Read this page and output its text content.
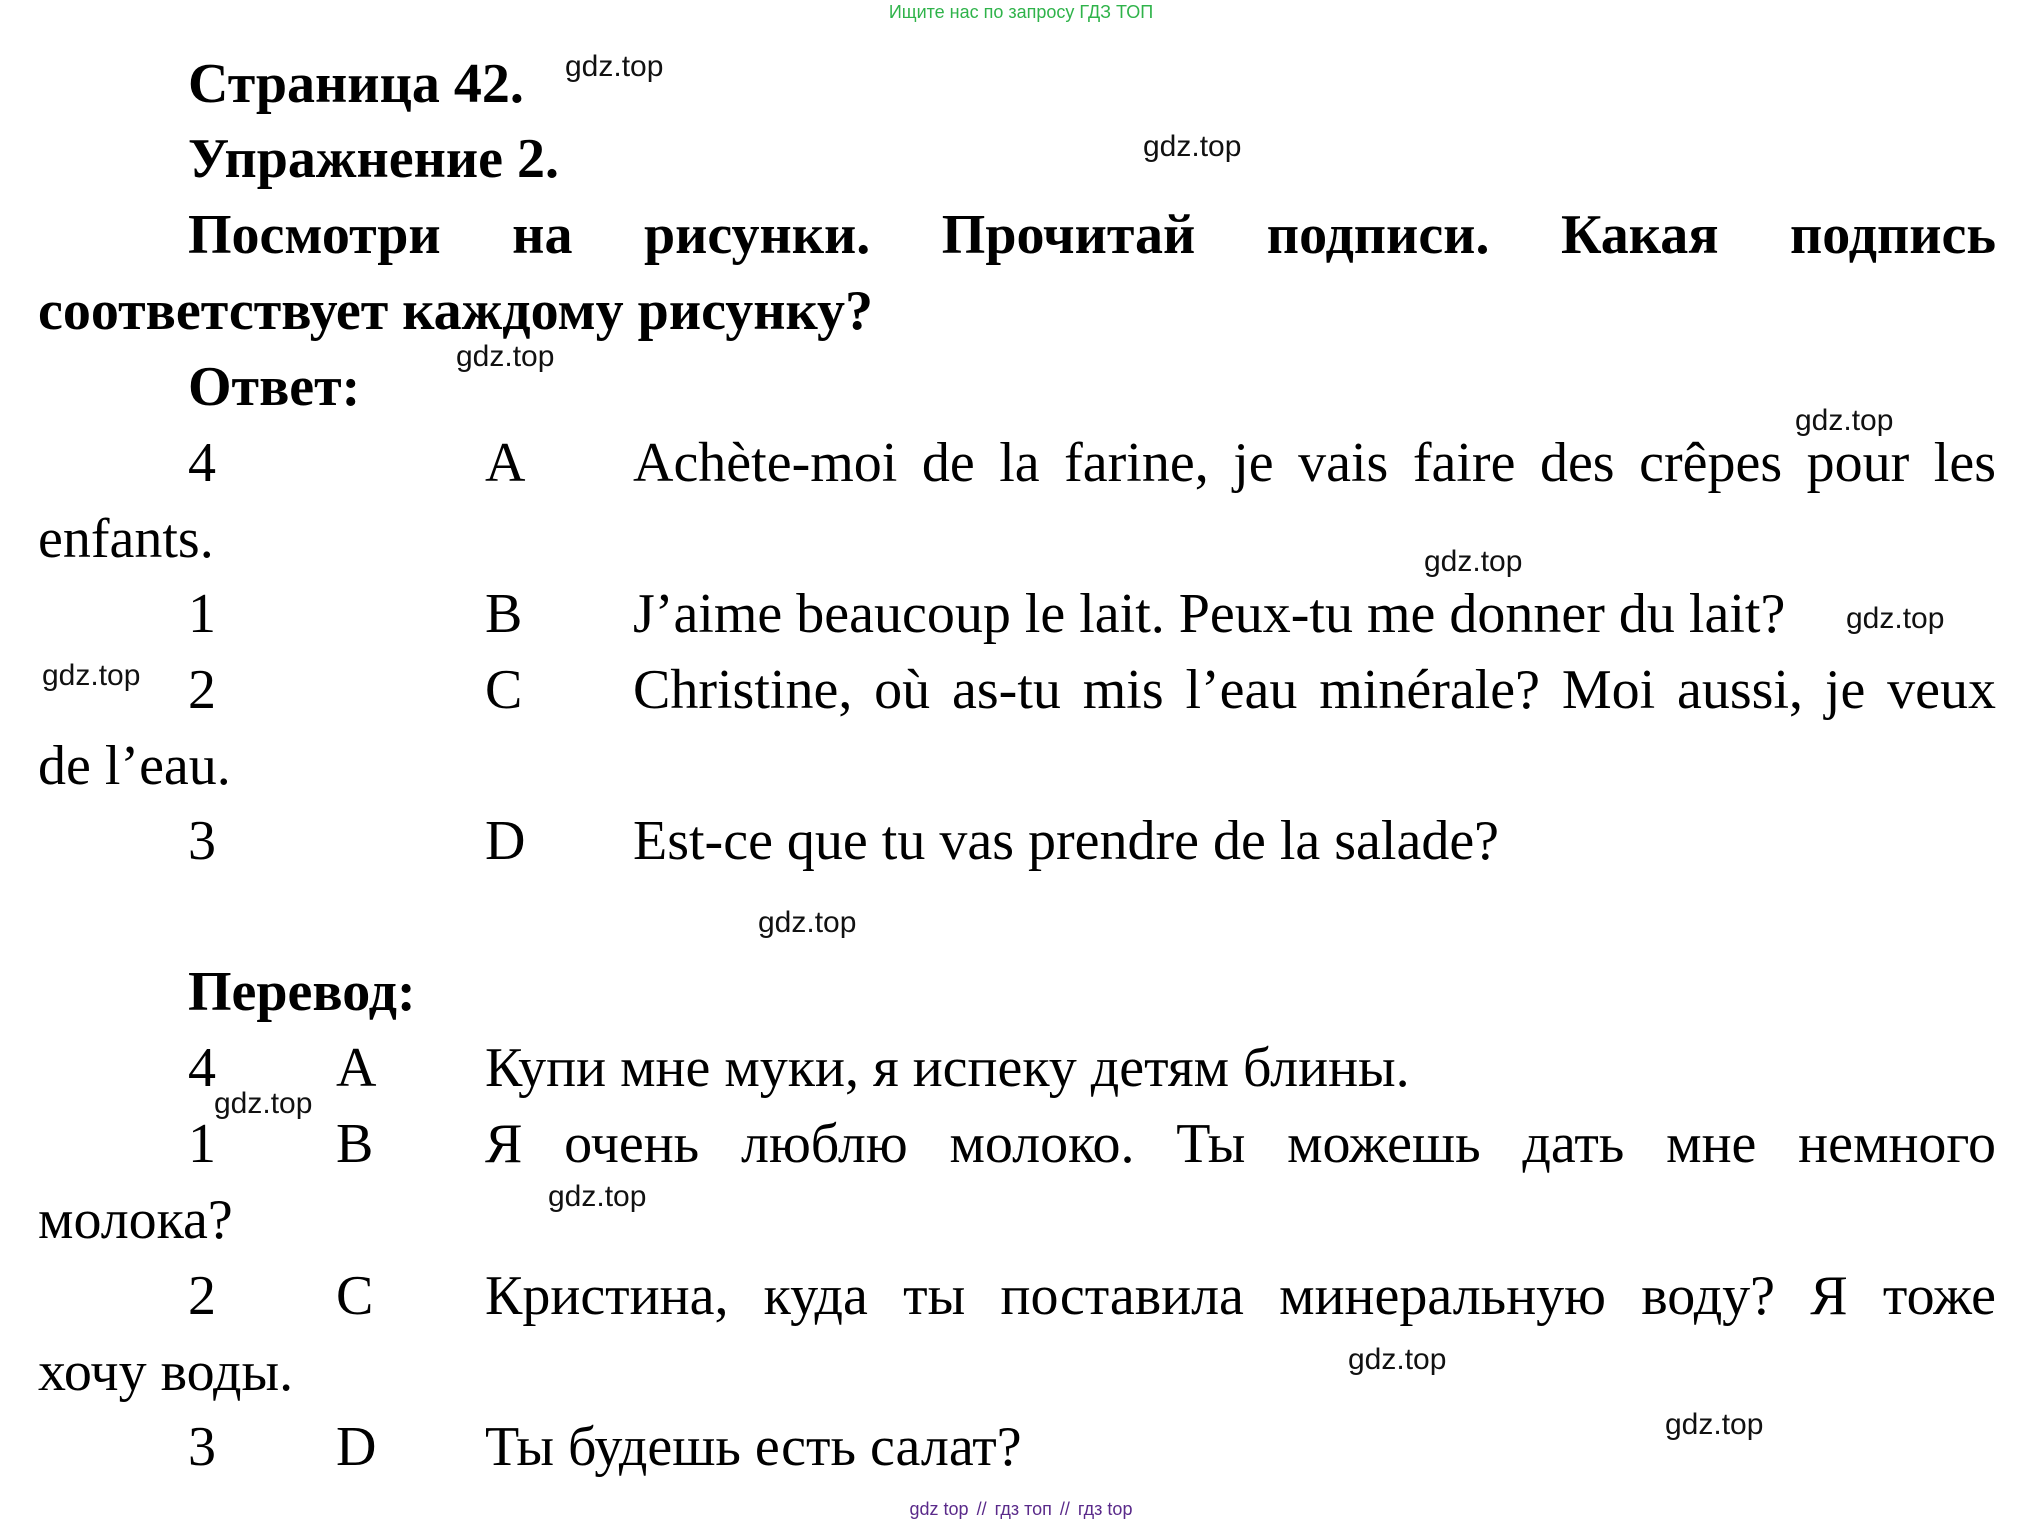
Ищите нас по запросу ГДЗ ТОП
Страница 42.
Упражнение 2.
Посмотри на рисунки. Прочитай подписи. Какая подпись
соответствует каждому рисунку?
Ответ:
4	A Achète-moi de la farine, je vais faire des crêpes pour les
enfants.
1	B J’aime beaucoup le lait. Peux-tu me donner du lait?
2	C Christine, où as-tu mis l’eau minérale? Moi aussi, je veux
de l’eau.
3	D Est-ce que tu vas prendre de la salade?
Перевод:
4 A Купи мне муки, я испеку детям блины.
1 B Я очень люблю молоко. Ты можешь дать мне немного
молока?
2 C Кристина, куда ты поставила минеральную воду? Я тоже
хочу воды.
3 D Ты будешь есть салат?
gdz.top
gdz.top
gdz.top
gdz.top
gdz.top
gdz.top
gdz.top
gdz.top
gdz.top
gdz.top
gdz.top
gdz.top
gdz top // гдз топ // гдз top
